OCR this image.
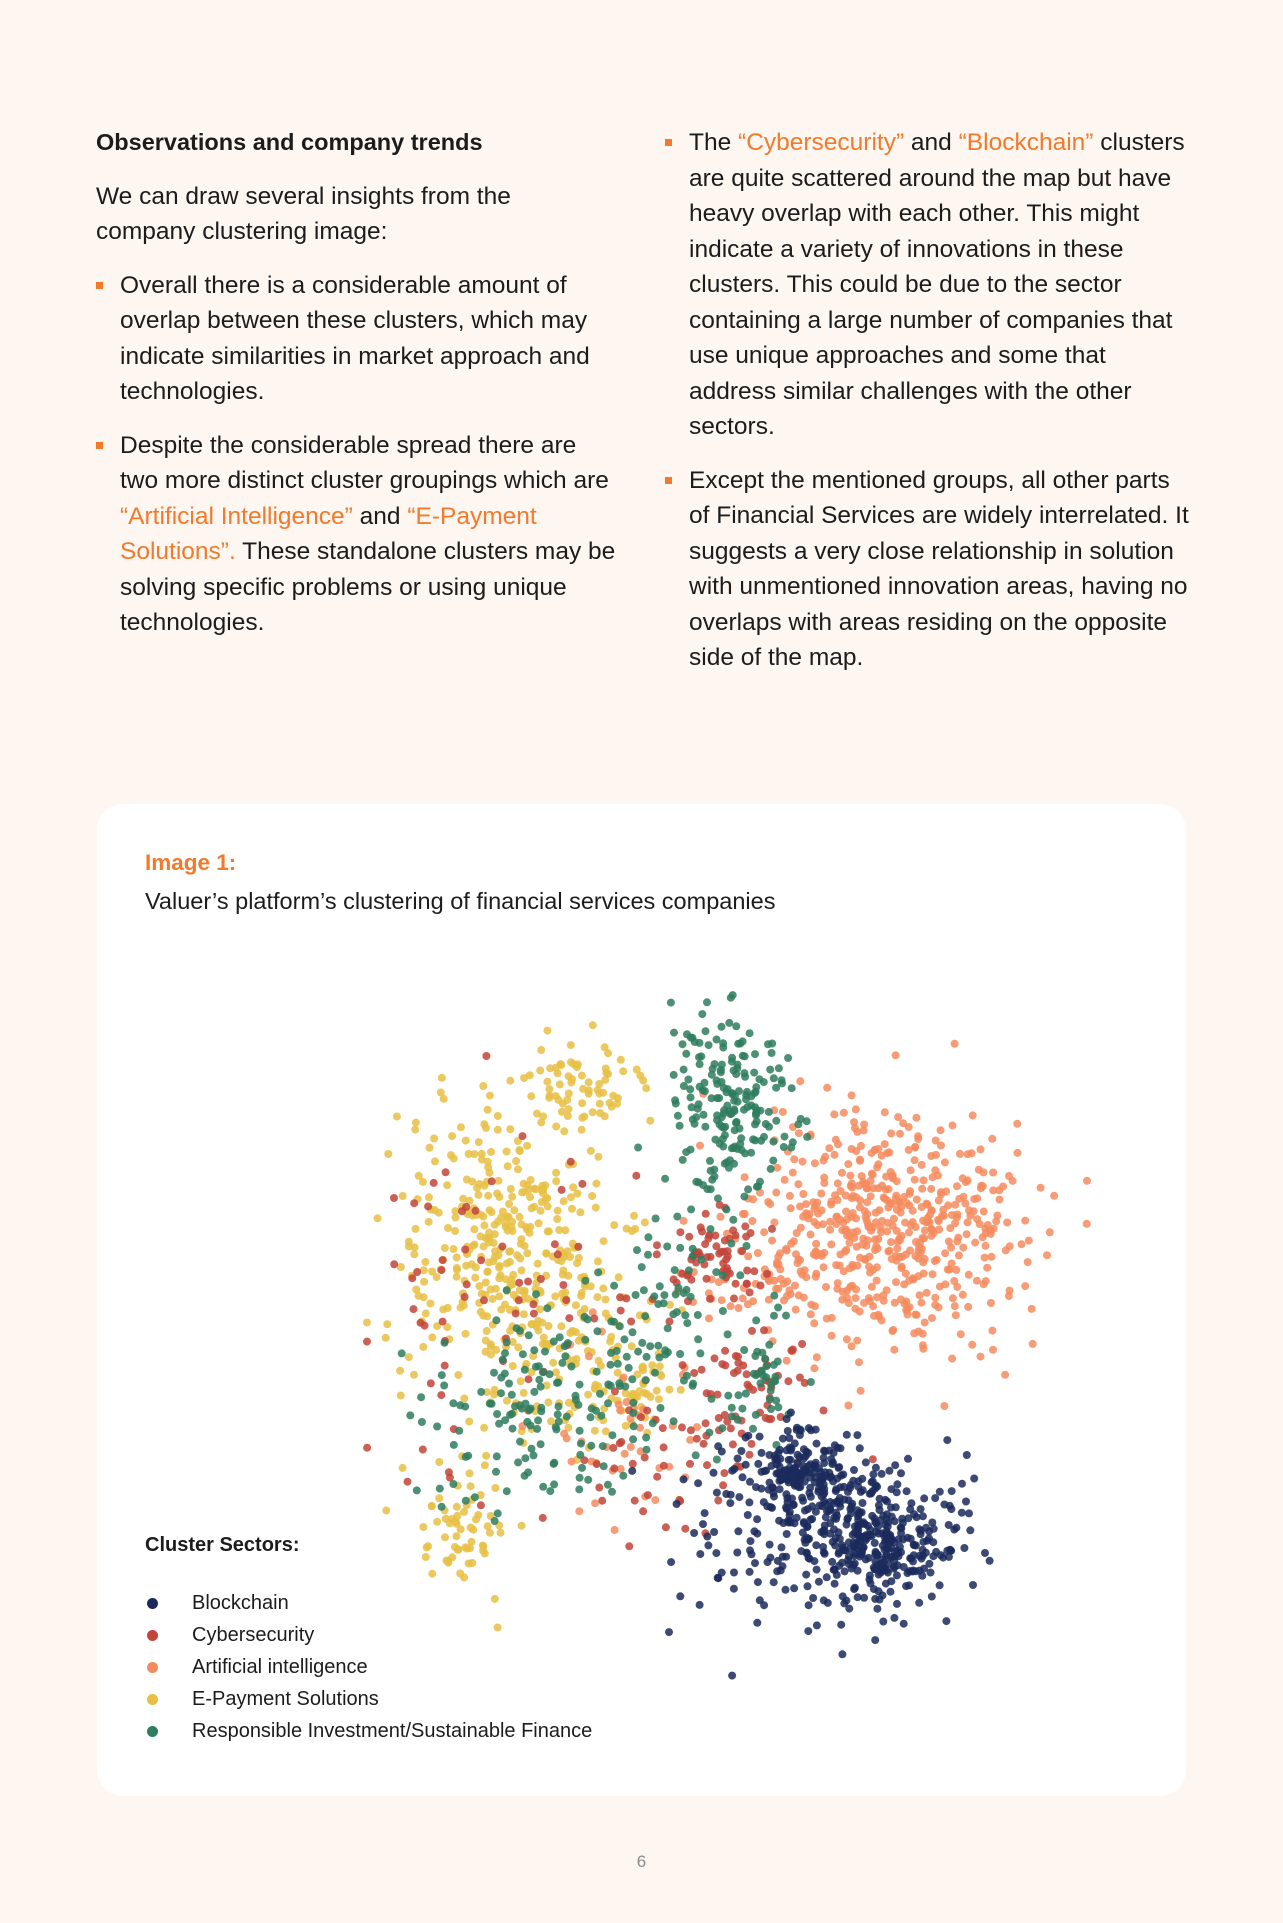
Observations and company trends
We can draw several insights from the company clustering image:
Overall there is a considerable amount of overlap between these clusters, which may indicate similarities in market approach and technologies.
Despite the considerable spread there are two more distinct cluster groupings which are “Artificial Intelligence” and “E-Payment Solutions”. These standalone clusters may be solving specific problems or using unique technologies.
The “Cybersecurity” and “Blockchain” clusters are quite scattered around the map but have heavy overlap with each other. This might indicate a variety of innovations in these clusters. This could be due to the sector containing a large number of companies that use unique approaches and some that address similar challenges with the other sectors.
Except the mentioned groups, all other parts of Financial Services are widely interrelated. It suggests a very close relationship in solution with unmentioned innovation areas, having no overlaps with areas residing on the opposite side of the map.
Image 1:
Valuer’s platform’s clustering of financial services companies
Cluster Sectors:
Blockchain
Cybersecurity
Artificial intelligence
E-Payment Solutions
Responsible Investment/Sustainable Finance
6
